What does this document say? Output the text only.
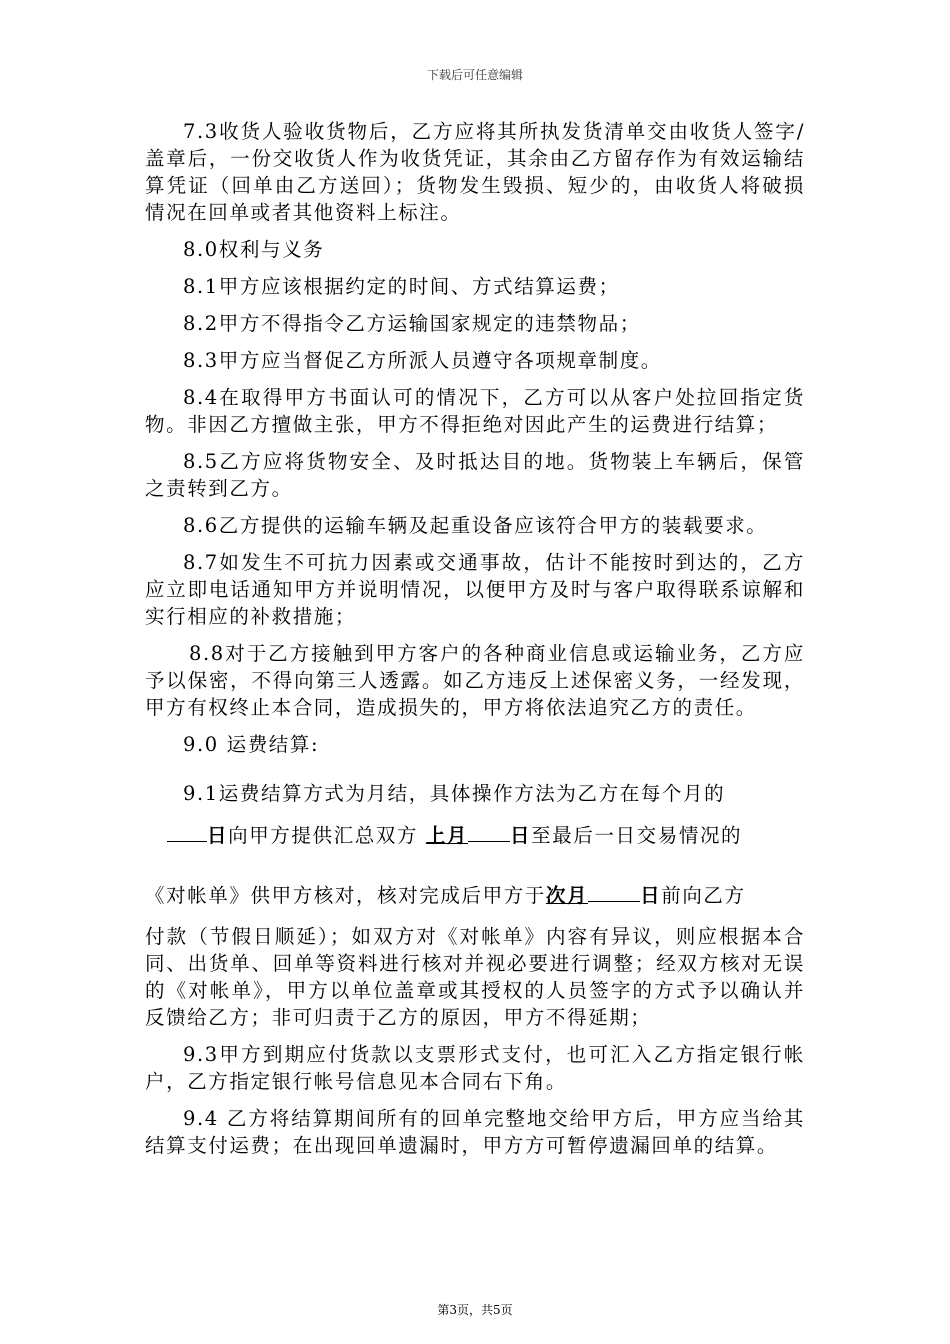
下载后可任意编辑

7.3收货人验收货物后，乙方应将其所执发货清单交由收货人签字/盖章后，一份交收货人作为收货凭证，其余由乙方留存作为有效运输结算凭证（回单由乙方送回）；货物发生毁损、短少的，由收货人将破损情况在回单或者其他资料上标注。

8.0权利与义务

8.1甲方应该根据约定的时间、方式结算运费；

8.2甲方不得指令乙方运输国家规定的违禁物品；

8.3甲方应当督促乙方所派人员遵守各项规章制度。

8.4在取得甲方书面认可的情况下，乙方可以从客户处拉回指定货物。非因乙方擅做主张，甲方不得拒绝对因此产生的运费进行结算；

8.5乙方应将货物安全、及时抵达目的地。货物装上车辆后，保管之责转到乙方。

8.6乙方提供的运输车辆及起重设备应该符合甲方的装载要求。

8.7如发生不可抗力因素或交通事故，估计不能按时到达的，乙方应立即电话通知甲方并说明情况，以便甲方及时与客户取得联系谅解和实行相应的补救措施；

8.8对于乙方接触到甲方客户的各种商业信息或运输业务，乙方应予以保密，不得向第三人透露。如乙方违反上述保密义务，一经发现，甲方有权终止本合同，造成损失的，甲方将依法追究乙方的责任。

9.0 运费结算:

9.1运费结算方式为月结，具体操作方法为乙方在每个月的

日向甲方提供汇总双方 上月 日至最后一日交易情况的

《对帐单》供甲方核对，核对完成后甲方于次月	日前向乙方

付款（节假日顺延）；如双方对《对帐单》内容有异议，则应根据本合同、出货单、回单等资料进行核对并视必要进行调整；经双方核对无误的《对帐单》，甲方以单位盖章或其授权的人员签字的方式予以确认并反馈给乙方；非可归责于乙方的原因，甲方不得延期；

9.3甲方到期应付货款以支票形式支付，也可汇入乙方指定银行帐户，乙方指定银行帐号信息见本合同右下角。

9.4 乙方将结算期间所有的回单完整地交给甲方后，甲方应当给其结算支付运费；在出现回单遗漏时，甲方方可暂停遗漏回单的结算。

第3页，共5页
